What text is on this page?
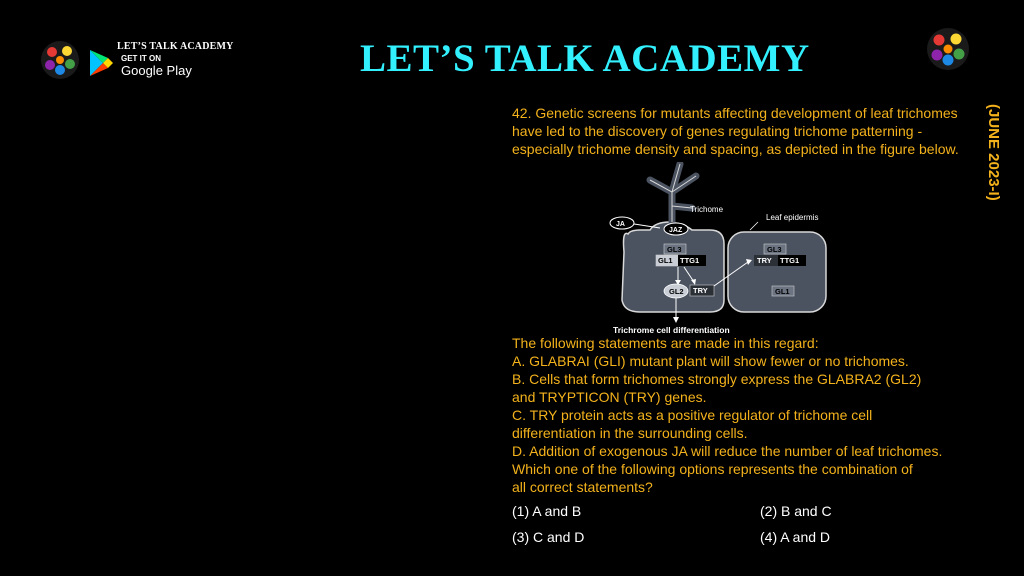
LET’S TALK ACADEMY
GET IT ON
Google Play	LET’S TALK ACADEMY
(JUNE 2023-I)
42. Genetic screens for mutants affecting development of leaf trichomes have led to the discovery of genes regulating trichome patterning - especially trichome density and spacing, as depicted in the figure below.
Trichome
Leaf epidermis
JA
JAZ
GL3
GL1 TTG1
GL2 TRY
GL3
TRY TTG1
GL1
Trichrome cell differentiation
The following statements are made in this regard:
A. GLABRAI (GLI) mutant plant will show fewer or no trichomes.
B. Cells that form trichomes strongly express the GLABRA2 (GL2)
and TRYPTICON (TRY) genes.
C. TRY protein acts as a positive regulator of trichome cell
differentiation in the surrounding cells.
D. Addition of exogenous JA will reduce the number of leaf trichomes.
Which one of the following options represents the combination of
all correct statements?
(1) A and B	(2) B and C
(3) C and D	(4) A and D
